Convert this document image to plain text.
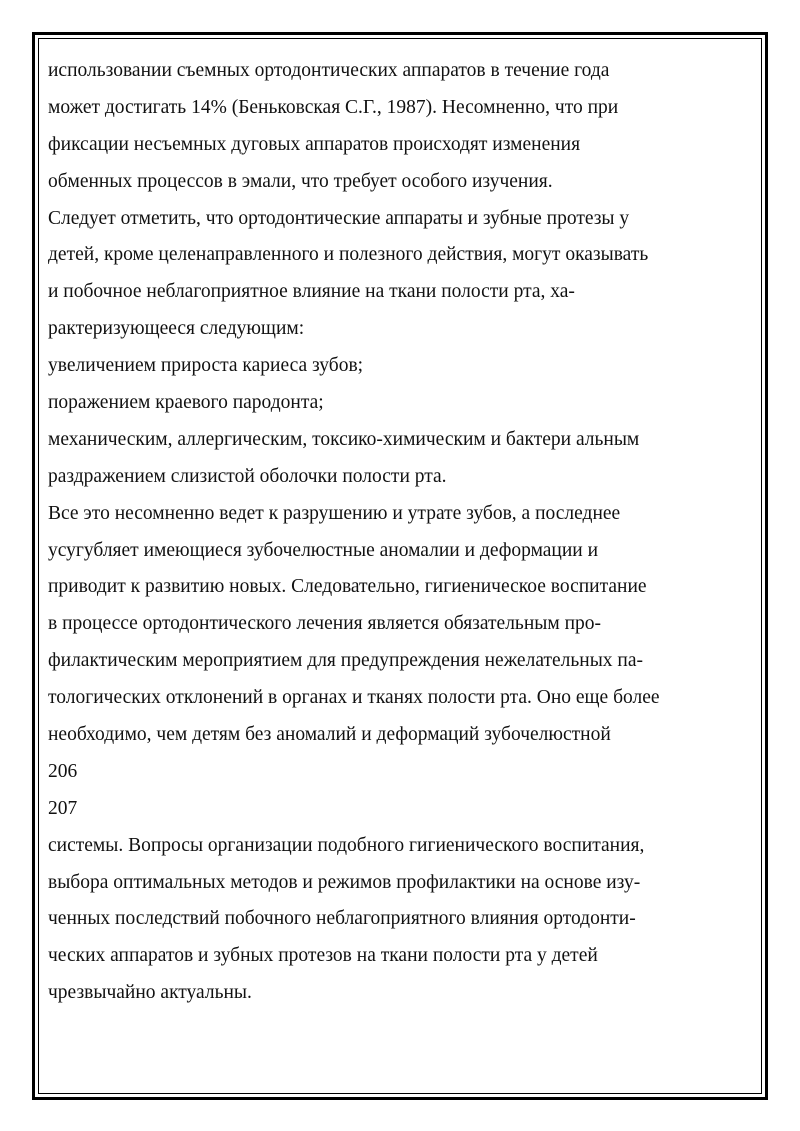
использовании съемных ортодонтических аппаратов в течение года
может достигать 14% (Беньковская С.Г., 1987). Несомненно, что при
фиксации несъемных дуговых аппаратов происходят изменения
обменных процессов в эмали, что требует особого изучения.
Следует отметить, что ортодонтические аппараты и зубные протезы у
детей, кроме целенаправленного и полезного действия, могут оказывать
и побочное неблагоприятное влияние на ткани полости рта, ха-
рактеризующееся следующим:
увеличением прироста кариеса зубов;
поражением краевого пародонта;
механическим, аллергическим, токсико-химическим и бактери альным
раздражением слизистой оболочки полости рта.
Все это несомненно ведет к разрушению и утрате зубов, а последнее
усугубляет имеющиеся зубочелюстные аномалии и деформации и
приводит к развитию новых. Следовательно, гигиеническое воспитание
в процессе ортодонтического лечения является обязательным про-
филактическим мероприятием для предупреждения нежелательных па-
тологических отклонений в органах и тканях полости рта. Оно еще более
необходимо, чем детям без аномалий и деформаций зубочелюстной
206
207
системы. Вопросы организации подобного гигиенического воспитания,
выбора оптимальных методов и режимов профилактики на основе изу-
ченных последствий побочного неблагоприятного влияния ортодонти-
ческих аппаратов и зубных протезов на ткани полости рта у детей
чрезвычайно актуальны.
